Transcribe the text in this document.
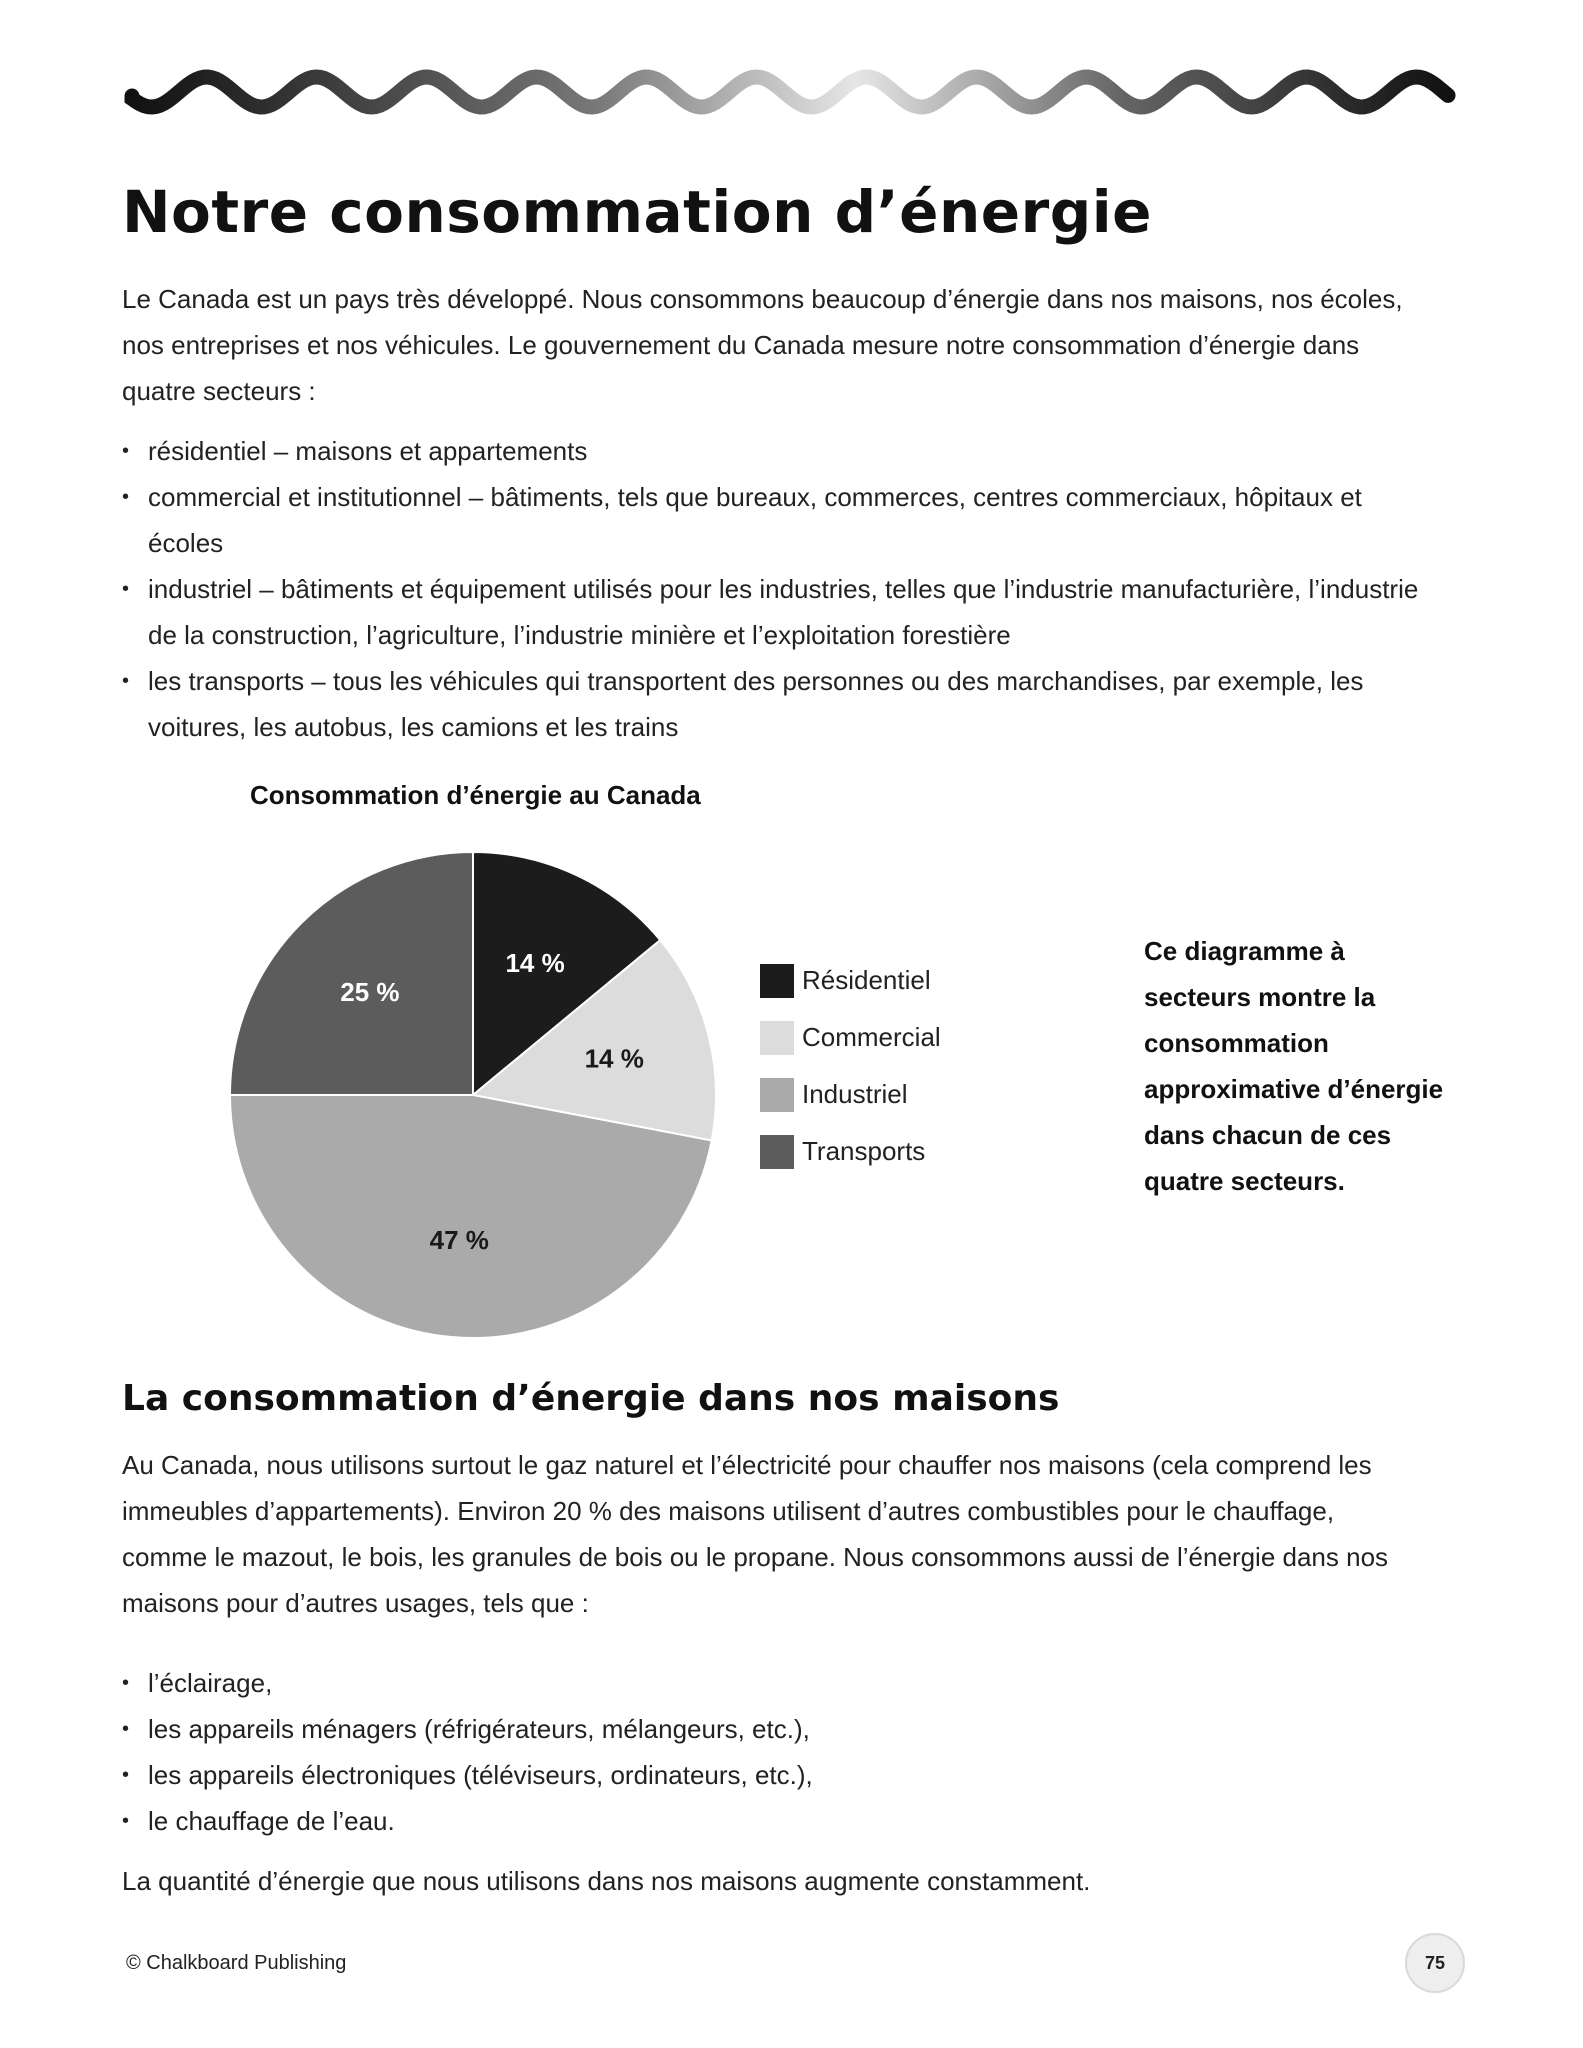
Notre consommation d’énergie

Le Canada est un pays très développé. Nous consommons beaucoup d’énergie dans nos maisons, nos écoles, nos entreprises et nos véhicules. Le gouvernement du Canada mesure notre consommation d’énergie dans quatre secteurs :

• résidentiel – maisons et appartements
• commercial et institutionnel – bâtiments, tels que bureaux, commerces, centres commerciaux, hôpitaux et écoles
• industriel – bâtiments et équipement utilisés pour les industries, telles que l’industrie manufacturière, l’industrie de la construction, l’agriculture, l’industrie minière et l’exploitation forestière
• les transports – tous les véhicules qui transportent des personnes ou des marchandises, par exemple, les voitures, les autobus, les camions et les trains
Consommation d’énergie au Canada
14 %
14 %
47 %
25 %	Résidentiel
Commercial
Industriel
Transports

Ce diagramme à secteurs montre la consommation approximative d’énergie dans chacun de ces quatre secteurs.

La consommation d’énergie dans nos maisons

Au Canada, nous utilisons surtout le gaz naturel et l’électricité pour chauffer nos maisons (cela comprend les immeubles d’appartements). Environ 20 % des maisons utilisent d’autres combustibles pour le chauffage, comme le mazout, le bois, les granules de bois ou le propane. Nous consommons aussi de l’énergie dans nos maisons pour d’autres usages, tels que :

• l’éclairage,
• les appareils ménagers (réfrigérateurs, mélangeurs, etc.),
• les appareils électroniques (téléviseurs, ordinateurs, etc.),
• le chauffage de l’eau.

La quantité d’énergie que nous utilisons dans nos maisons augmente constamment.

© Chalkboard Publishing	75
